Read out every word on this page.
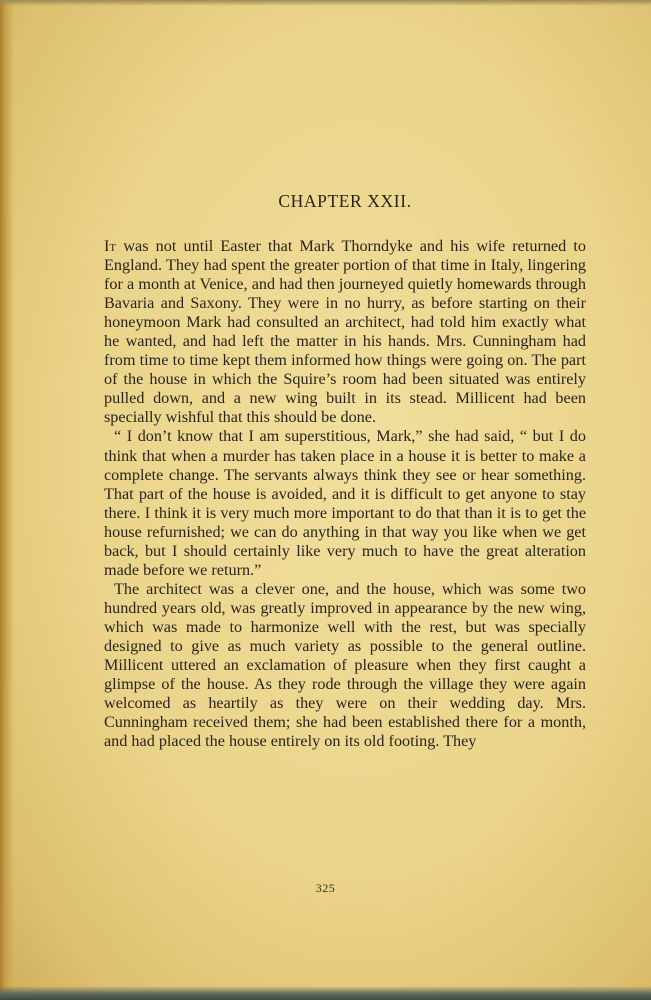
CHAPTER XXII.

It was not until Easter that Mark Thorndyke and his wife returned to England. They had spent the greater portion of that time in Italy, lingering for a month at Venice, and had then journeyed quietly homewards through Bavaria and Saxony. They were in no hurry, as before starting on their honeymoon Mark had consulted an architect, had told him exactly what he wanted, and had left the matter in his hands. Mrs. Cunningham had from time to time kept them informed how things were going on. The part of the house in which the Squire’s room had been situated was entirely pulled down, and a new wing built in its stead. Millicent had been specially wishful that this should be done.

“ I don’t know that I am superstitious, Mark,” she had said, “ but I do think that when a murder has taken place in a house it is better to make a complete change. The servants always think they see or hear something. That part of the house is avoided, and it is difficult to get anyone to stay there. I think it is very much more important to do that than it is to get the house refurnished; we can do anything in that way you like when we get back, but I should certainly like very much to have the great alteration made before we return.”

The architect was a clever one, and the house, which was some two hundred years old, was greatly improved in appearance by the new wing, which was made to harmonize well with the rest, but was specially designed to give as much variety as possible to the general outline. Millicent uttered an exclamation of pleasure when they first caught a glimpse of the house. As they rode through the village they were again welcomed as heartily as they were on their wedding day. Mrs. Cunningham received them; she had been established there for a month, and had placed the house entirely on its old footing. They

325
